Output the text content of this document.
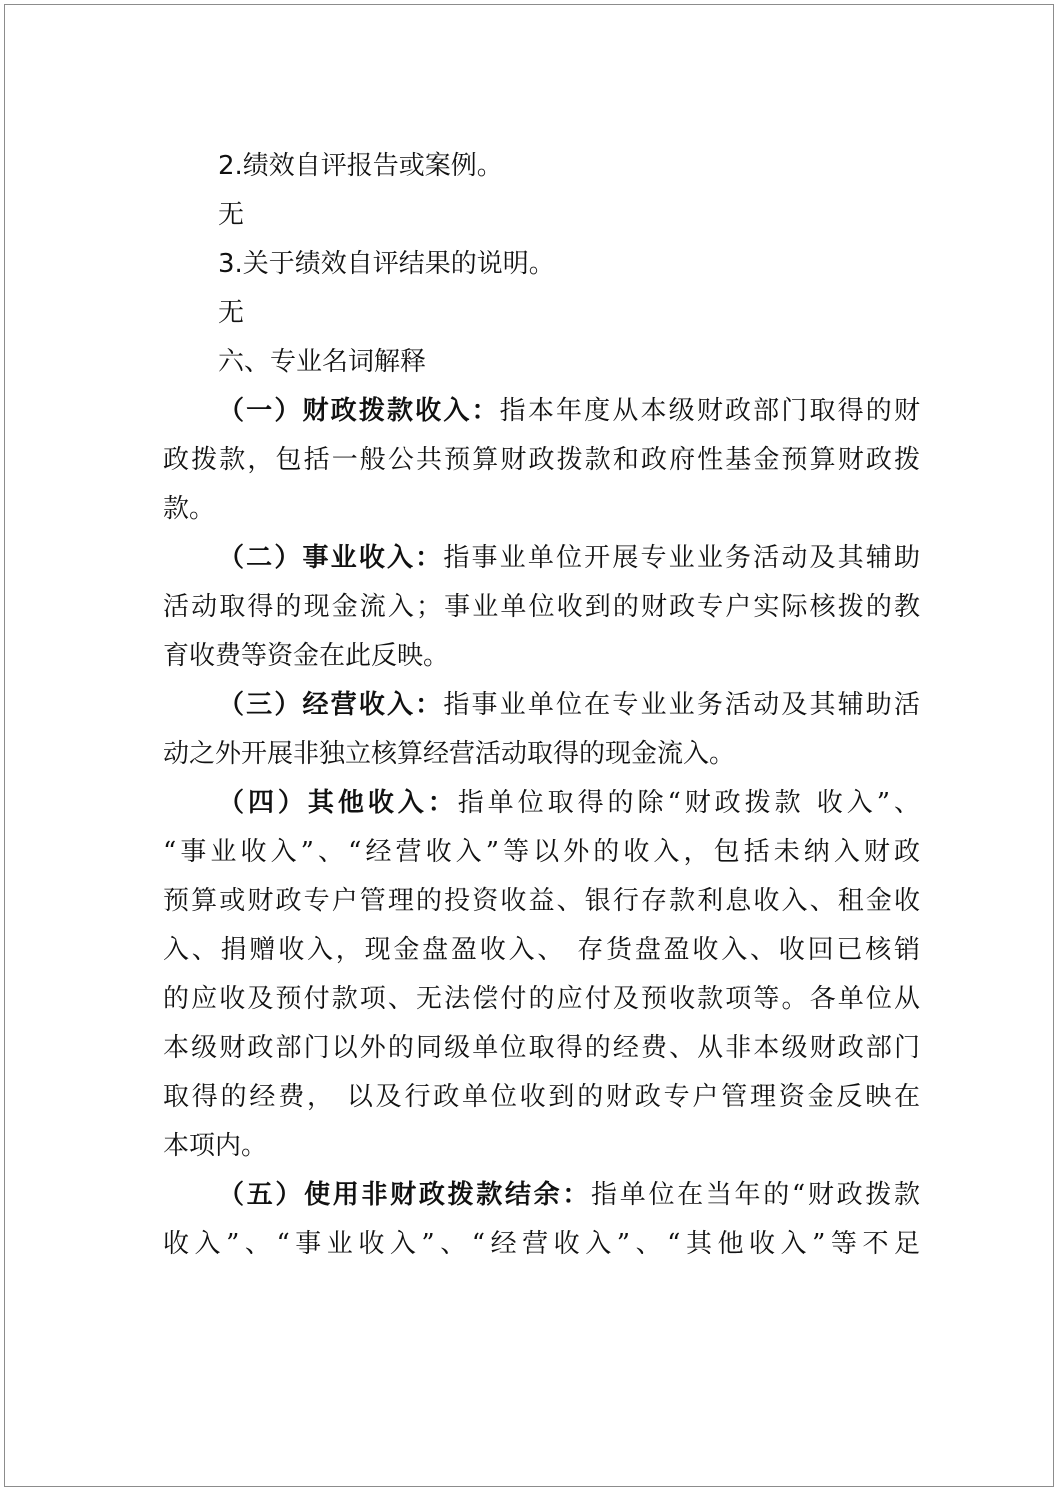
2.绩效自评报告或案例。
无
3.关于绩效自评结果的说明。
无
六、专业名词解释
（一）财政拨款收入：指本年度从本级财政部门取得的财
政拨款，包括一般公共预算财政拨款和政府性基金预算财政拨
款。
（二）事业收入：指事业单位开展专业业务活动及其辅助
活动取得的现金流入；事业单位收到的财政专户实际核拨的教
育收费等资金在此反映。
（三）经营收入：指事业单位在专业业务活动及其辅助活
动之外开展非独立核算经营活动取得的现金流入。
（四）其他收入：指单位取得的除“财政拨款 收入”、
“事业收入”、“经营收入”等以外的收入，包括未纳入财政
预算或财政专户管理的投资收益、银行存款利息收入、租金收
入、捐赠收入，现金盘盈收入、 存货盘盈收入、收回已核销
的应收及预付款项、无法偿付的应付及预收款项等。各单位从
本级财政部门以外的同级单位取得的经费、从非本级财政部门
取得的经费， 以及行政单位收到的财政专户管理资金反映在
本项内。
（五）使用非财政拨款结余：指单位在当年的“财政拨款
收入”、“事业收入”、“经营收入”、“其他收入”等不足
